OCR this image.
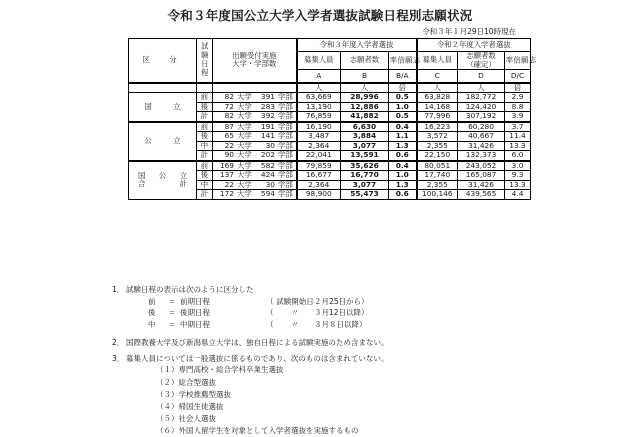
令和３年度国公立大学入学者選抜試験日程別志願状況
令和３年１月29日10時現在
区　分	試験日程	出願受付実施
大学・学部数	令和３年度入学者選抜			令和２年度入学者選抜		
			募集人員	志願者数	志願倍率	募集人員	志願者数
（確定）	志願倍率

			A	B	B/A	C	D	D/C
			人	人	倍	人	人	倍

国　立	前	82 大学 391 学部	63,669	28,996	0.5	63,828	182,772	2.9
	後	72 大学 283 学部	13,190	12,886	1.0	14,168	124,420	8.8
	計	82 大学 392 学部	76,859	41,882	0.5	77,996	307,192	3.9

公　立	前	87 大学 191 学部	16,190	6,630	0.4	16,223	60,280	3.7
	後	65 大学 141 学部	3,487	3,884	1.1	3,572	40,667	11.4
	中	22 大学 30 学部	2,364	3,077	1.3	2,355	31,426	13.3
	計	90 大学 202 学部	22,041	13,591	0.6	22,150	132,373	6.0

国　公　立
合　　　計	前	169 大学 582 学部	79,859	35,626	0.4	80,051	243,052	3.0
	後	137 大学 424 学部	16,677	16,770	1.0	17,740	165,087	9.3
	中	22 大学 30 学部	2,364	3,077	1.3	2,355	31,426	13.3
	計	172 大学 594 学部	98,900	55,473	0.6	100,146	439,565	4.4
1． 試験日程の表示は次のように区分した
前	＝ 前期日程	（ 試験開始日２月25日から）
後	＝ 後期日程	（ 〃 ３月12日以降）
中	＝ 中期日程	（ 〃 ３月８日以降）
2． 国際教養大学及び新潟県立大学は、独自日程による試験実施のため含まない。
3． 募集人員については一般選抜に係るものであり、次のものは含まれていない。
（１）専門高校・総合学科卒業生選抜
（２）総合型選抜
（３）学校推薦型選抜
（４）帰国生徒選抜
（５）社会人選抜
（６）外国人留学生を対象として入学者選抜を実施するもの
